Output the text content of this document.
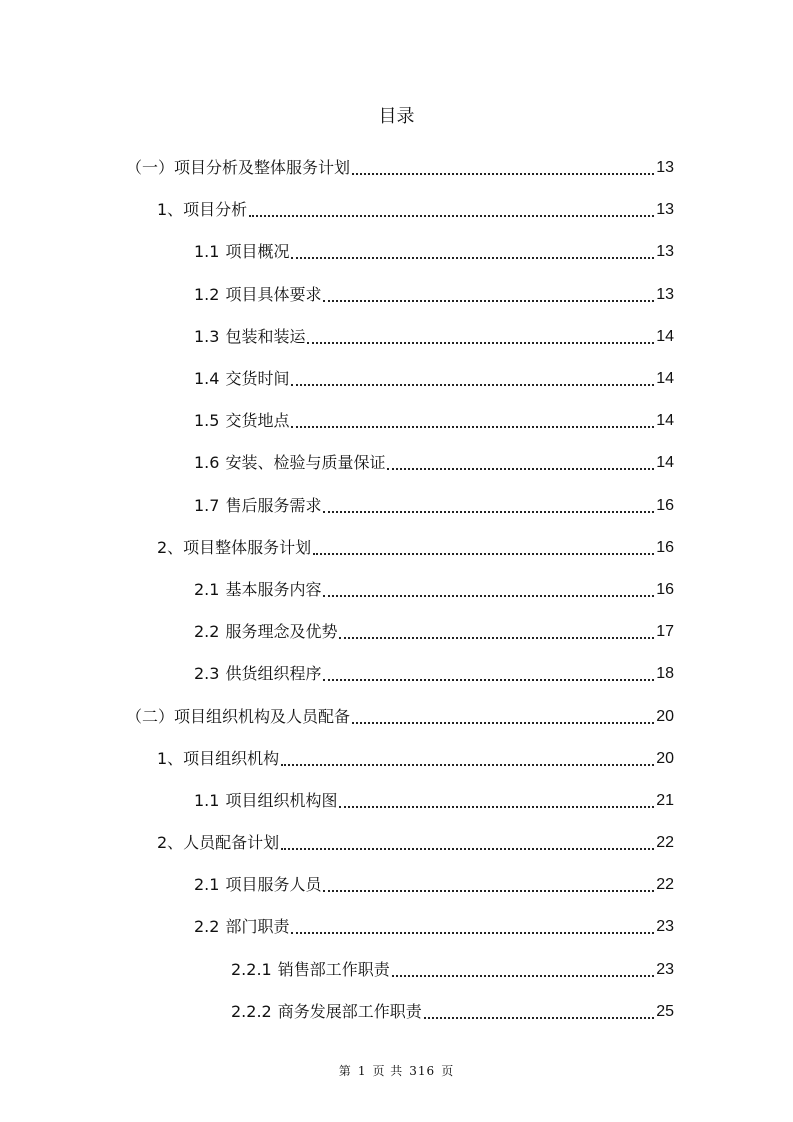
目录
（一）项目分析及整体服务计划	13
1、项目分析	13
1.1 项目概况	13
1.2 项目具体要求	13
1.3 包装和装运	14
1.4 交货时间	14
1.5 交货地点	14
1.6 安装、检验与质量保证	14
1.7 售后服务需求	16
2、项目整体服务计划	16
2.1 基本服务内容	16
2.2 服务理念及优势	17
2.3 供货组织程序	18
（二）项目组织机构及人员配备	20
1、项目组织机构	20
1.1 项目组织机构图	21
2、人员配备计划	22
2.1 项目服务人员	22
2.2 部门职责	23
2.2.1 销售部工作职责	23
2.2.2 商务发展部工作职责	25
第 1 页 共 316 页
